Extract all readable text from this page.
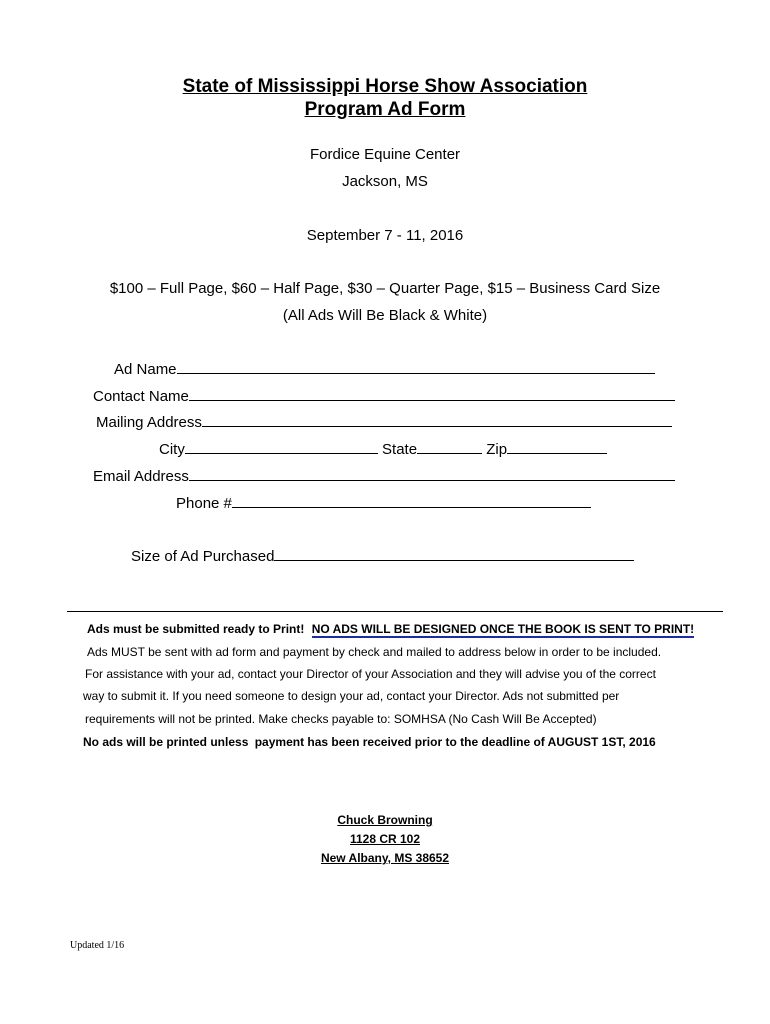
State of Mississippi Horse Show Association
Program Ad Form
Fordice Equine Center
Jackson, MS
September 7 - 11, 2016
$100 – Full Page, $60 – Half Page, $30 – Quarter Page, $15 – Business Card Size
(All Ads Will Be Black & White)
Ad Name
Contact Name
Mailing Address
City	State	Zip
Email Address
Phone #
Size of Ad Purchased
Ads must be submitted ready to Print! NO ADS WILL BE DESIGNED ONCE THE BOOK IS SENT TO PRINT!
Ads MUST be sent with ad form and payment by check and mailed to address below in order to be included.
For assistance with your ad, contact your Director of your Association and they will advise you of the correct
way to submit it. If you need someone to design your ad, contact your Director. Ads not submitted per
requirements will not be printed. Make checks payable to: SOMHSA (No Cash Will Be Accepted)
No ads will be printed unless payment has been received prior to the deadline of AUGUST 1ST, 2016
Chuck Browning
1128 CR 102
New Albany, MS 38652
Updated 1/16
